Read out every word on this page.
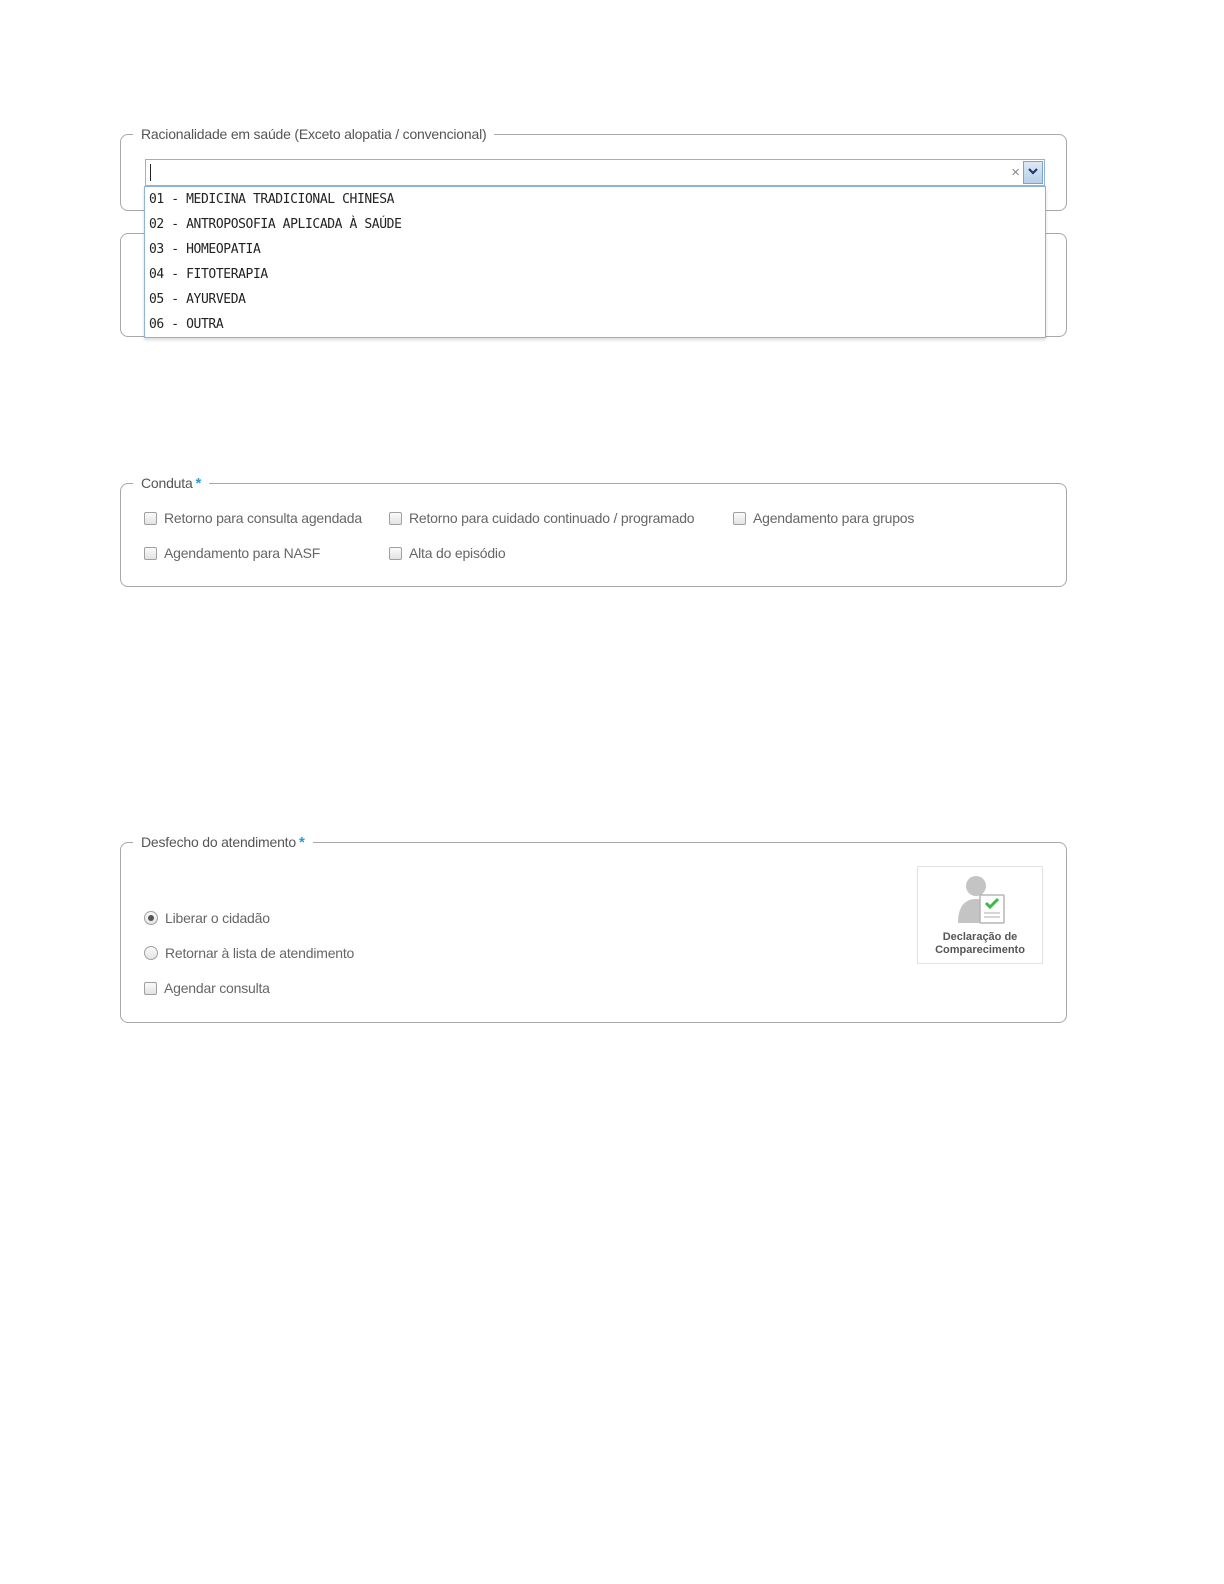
Racionalidade em saúde (Exceto alopatia / convencional)
×
01 - MEDICINA TRADICIONAL CHINESA
02 - ANTROPOSOFIA APLICADA À SAÚDE
03 - HOMEOPATIA
04 - FITOTERAPIA
05 - AYURVEDA
06 - OUTRA
Conduta *
Retorno para consulta agendada	Retorno para cuidado continuado / programado	Agendamento para grupos
Agendamento para NASF	Alta do episódio
Desfecho do atendimento *
Liberar o cidadão
Retornar à lista de atendimento
Agendar consulta
Declaração de
Comparecimento
